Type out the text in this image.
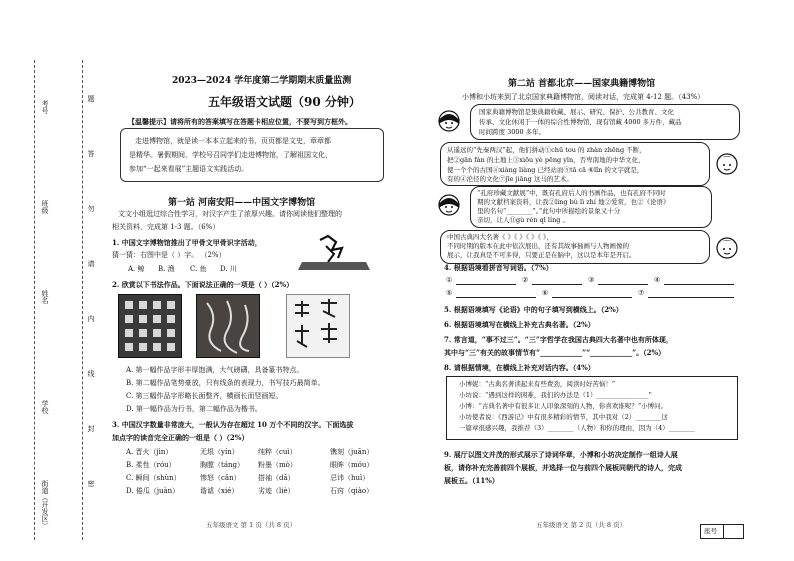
考号
班级
姓名
学校
街道（开发区）
题
答
勿
请
内
线
封
密
2023—2024 学年度第二学期期末质量监测
五年级语文试题（90 分钟）
【温馨提示】请将所有的答案填写在答题卡相应位置，不要写到方框外。
走进博物馆，就是读一本本立起来的书，页页都是文史，章章都
是精华。暑假期间，学校号召同学们走进博物馆，了解祖国文化，
参加“一起来看展”主题语文实践活动。
第一站 河南安阳——中国文字博物馆
文文小组逛过综合性学习，对汉字产生了浓厚兴趣。请你阅读他们整理的
相关资料，完成第 1-3 题。（6%）
1. 中国文字博物馆推出了甲骨文甲骨识字活动，
猜一猜：右图中是（ ）字。 （2%）
A. 鲸 B. 渔 C. 鱼 D. 川
2. 欣赏以下书法作品。下面说法正确的一项是（ ）（2%）
A. 第一幅作品字形丰厚饱满，大气磅礴，具备篆书特点。
B. 第二幅作品笔势豪放，只有线条的表现力，书写技巧最简单。
C. 第三幅作品字形略长面整齐，横画长而竖画短。
D. 第一幅作品为行书，第二幅作品为楷书。
3. 中国汉字数量非常庞大，一般认为存在超过 10 万个不同的汉字。下面选拔
加点字的读音完全正确的一组是（ ）（2%）
A. 晋火（jìn）	无垠（yín）	纯粹（cuì）	镌刻（juān）
B. 柔性（róu）	胸膛（táng） 粉墨（mò）	眼眸（móu）
C. 瞬间（shùn）	惨怒（cǎn） 搭袖（dā）	忌讳（huì）
D. 倦瓜（juàn）	谐谑（xié）	劣迹（liè）	石窍（qiào）
五年级语文 第 1 页（共 8 页）
第二站 首都北京——国家典籍博物馆
小博和小坊来到了北京国家典籍博物馆，阅读对话，完成第 4-12 题。（43%）
国家典籍博物馆是集典籍收藏、展示、研究、保护、公共教育、文化
传承、文化休闲于一体的综合性博物馆，现有馆藏 4000 多万件，藏品
时间跨度 3000 多年。
从遥远的“先秦两汉”起，他们拼动①chū tou 的 zhàn zhēng 不断，
把②gān fàn 的土地上③xiōu yè pēng yīn，否卑南地的中华文化，
使一个个的古国④xiàng liàng 已经站而⑤tā cā ⑥lǐn 的文字就是，
有的④沦径的文化⑦jīe jiāng 这马的艺术。
“孔府珍藏文献展”中，既有孔府后人的书画作品，也有孔府不同时
期的文献档案资料，让我②ling bù lì zhí 地②爱赏，也②《论语》
里的名句“________”。”此句中所描绘的景象又十分
亲切，让人⑪gù rén ql líng 。
中国古典四大名著《 》《 》《 》《 》，
不同时期的版本在此中依次展出，还有其故事插画与人物画像的
展示，让我真是不可多得，只要正是在脑中，这以是本年是开启。
4. 根据语境看拼音写词语。（7%）
①	②	③	④
⑤	⑥	⑦
5. 根据语境填写《论语》中的句子填写到横线上。（2%）
6. 根据语境填写在横线上补充古典名著。（2%）
7. 常言道，“事不过三”。“三”字哲学在我国古典四大名著中也有所体现，
其中与“三”有关的故事情节有“____________”“____________”。（2%）
8. 请根据情境，在横线上补充对话内容。（4%）
小博妮：“古典名著读起来有些费劲，阅读时好苦恼！”
小坊说：“遇到这样的困难，我们的办法是（1）________________”
小博：“古典名著中有很多让人印象深刻的人物，你喜欢谁呢？”小博问。
小坊使者说：《西游记》中有很多精彩的情节，其中我对（2）________这
一篇章很感兴趣，我推荐（3）________（人物）和你的理由，因为（4）________
9. 展厅以图文并茂的形式展示了诗词华章，小博和小坊决定制作一组诗人展
板，请你补充完善前四个展板，并选择一位与前四个展板同朝代的诗人，完成
展板五。（11%）
五年级语文 第 2 页（共 8 页）
座号
